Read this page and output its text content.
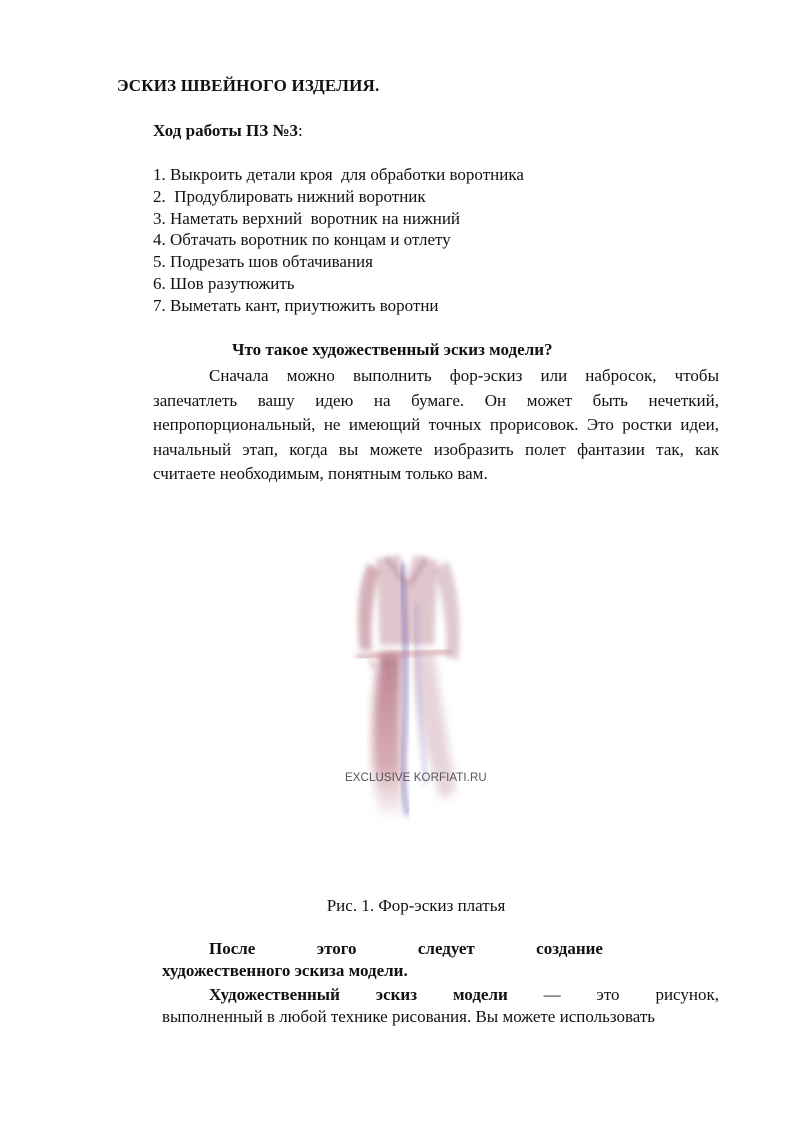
ЭСКИЗ ШВЕЙНОГО ИЗДЕЛИЯ.
Ход работы ПЗ №3:
1. Выкроить детали кроя  для обработки воротника
2.  Продублировать нижний воротник
3. Наметать верхний  воротник на нижний
4. Обтачать воротник по концам и отлету
5. Подрезать шов обтачивания
6. Шов разутюжить
7. Выметать кант, приутюжить воротни
Что такое художественный эскиз модели?

Сначала можно выполнить фор-эскиз или набросок, чтобы запечатлеть вашу идею на бумаге. Он может быть нечеткий, непропорциональный, не имеющий точных прорисовок. Это ростки идеи, начальный этап, когда вы можете изобразить полет фантазии так, как считаете необходимым, понятным только вам.

EXCLUSIVE KORFIATI.RU
Рис. 1. Фор-эскиз платья
После	этого	следует	создание
художественного эскиза модели.
Художественный эскиз модели — это рисунок,
выполненный в любой технике рисования. Вы можете использовать
